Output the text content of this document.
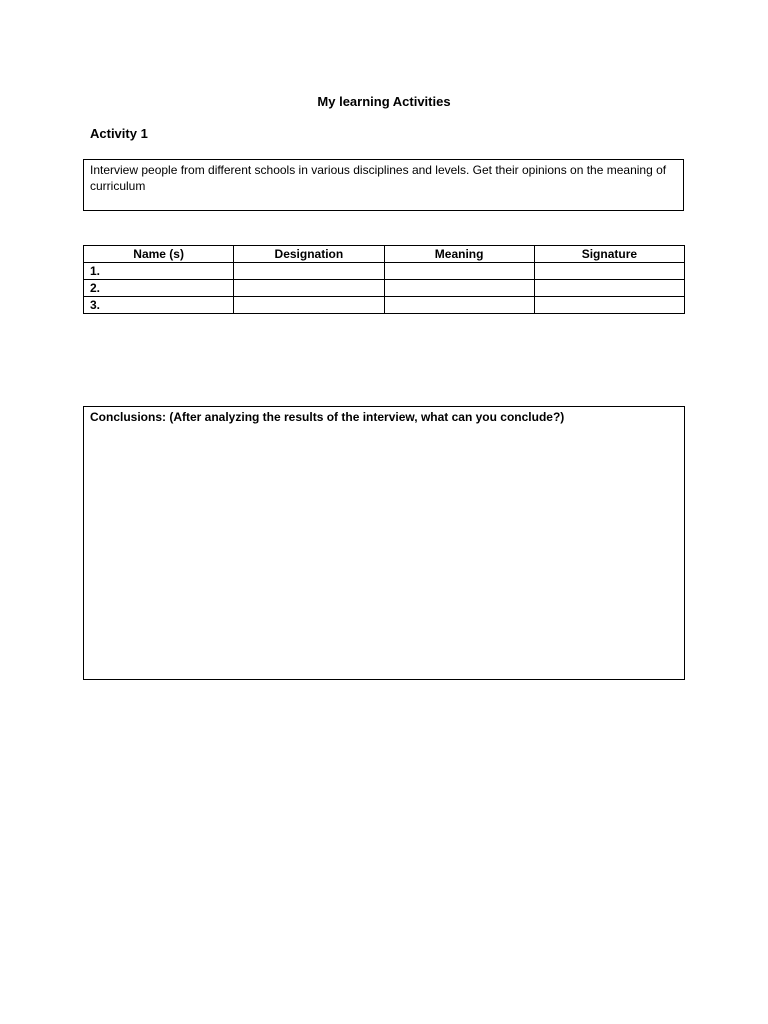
My learning Activities
Activity 1
Interview people from different schools in various disciplines and levels. Get their opinions on the meaning of curriculum
Name (s)	Designation	Meaning	Signature
1.			
2.			
3.			
Conclusions: (After analyzing the results of the interview, what can you conclude?)
